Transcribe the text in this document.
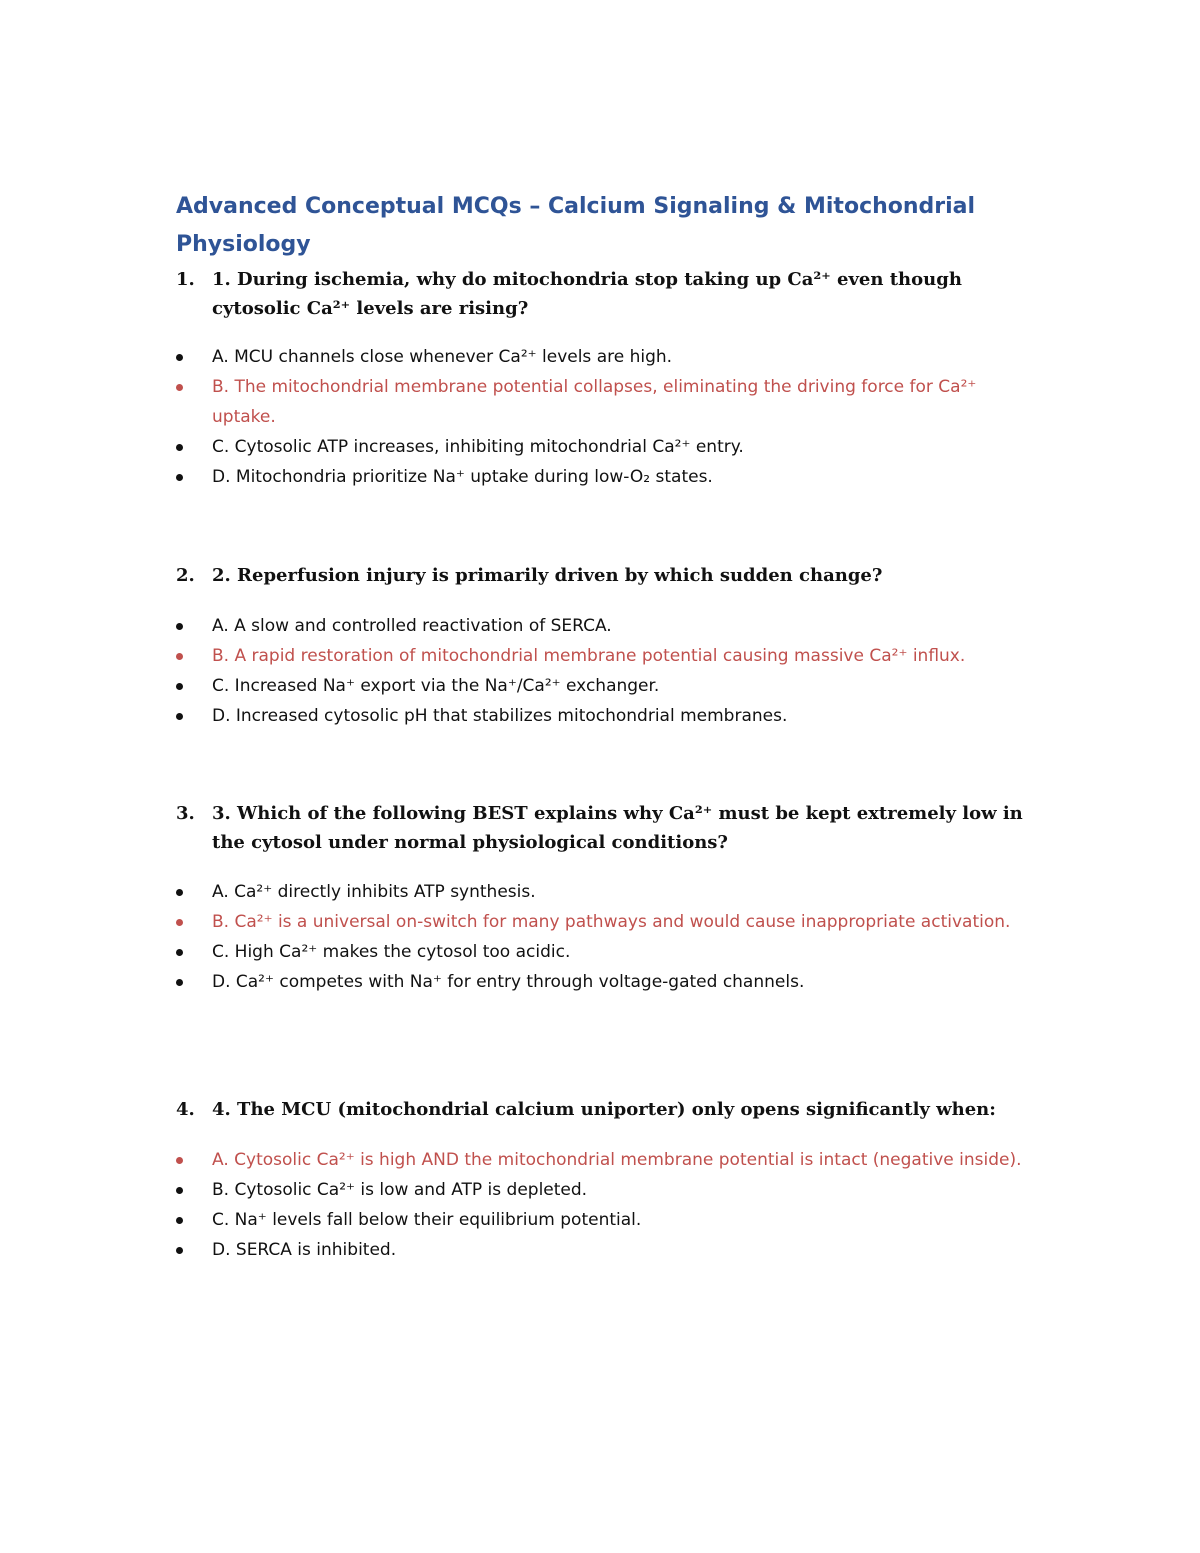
Advanced Conceptual MCQs – Calcium Signaling & Mitochondrial Physiology
1. 1. During ischemia, why do mitochondria stop taking up Ca²⁺ even though cytosolic Ca²⁺ levels are rising?
A. MCU channels close whenever Ca²⁺ levels are high.
B. The mitochondrial membrane potential collapses, eliminating the driving force for Ca²⁺ uptake.
C. Cytosolic ATP increases, inhibiting mitochondrial Ca²⁺ entry.
D. Mitochondria prioritize Na⁺ uptake during low-O₂ states.
2. 2. Reperfusion injury is primarily driven by which sudden change?
A. A slow and controlled reactivation of SERCA.
B. A rapid restoration of mitochondrial membrane potential causing massive Ca²⁺ influx.
C. Increased Na⁺ export via the Na⁺/Ca²⁺ exchanger.
D. Increased cytosolic pH that stabilizes mitochondrial membranes.
3. 3. Which of the following BEST explains why Ca²⁺ must be kept extremely low in the cytosol under normal physiological conditions?
A. Ca²⁺ directly inhibits ATP synthesis.
B. Ca²⁺ is a universal on-switch for many pathways and would cause inappropriate activation.
C. High Ca²⁺ makes the cytosol too acidic.
D. Ca²⁺ competes with Na⁺ for entry through voltage-gated channels.
4. 4. The MCU (mitochondrial calcium uniporter) only opens significantly when:
A. Cytosolic Ca²⁺ is high AND the mitochondrial membrane potential is intact (negative inside).
B. Cytosolic Ca²⁺ is low and ATP is depleted.
C. Na⁺ levels fall below their equilibrium potential.
D. SERCA is inhibited.
